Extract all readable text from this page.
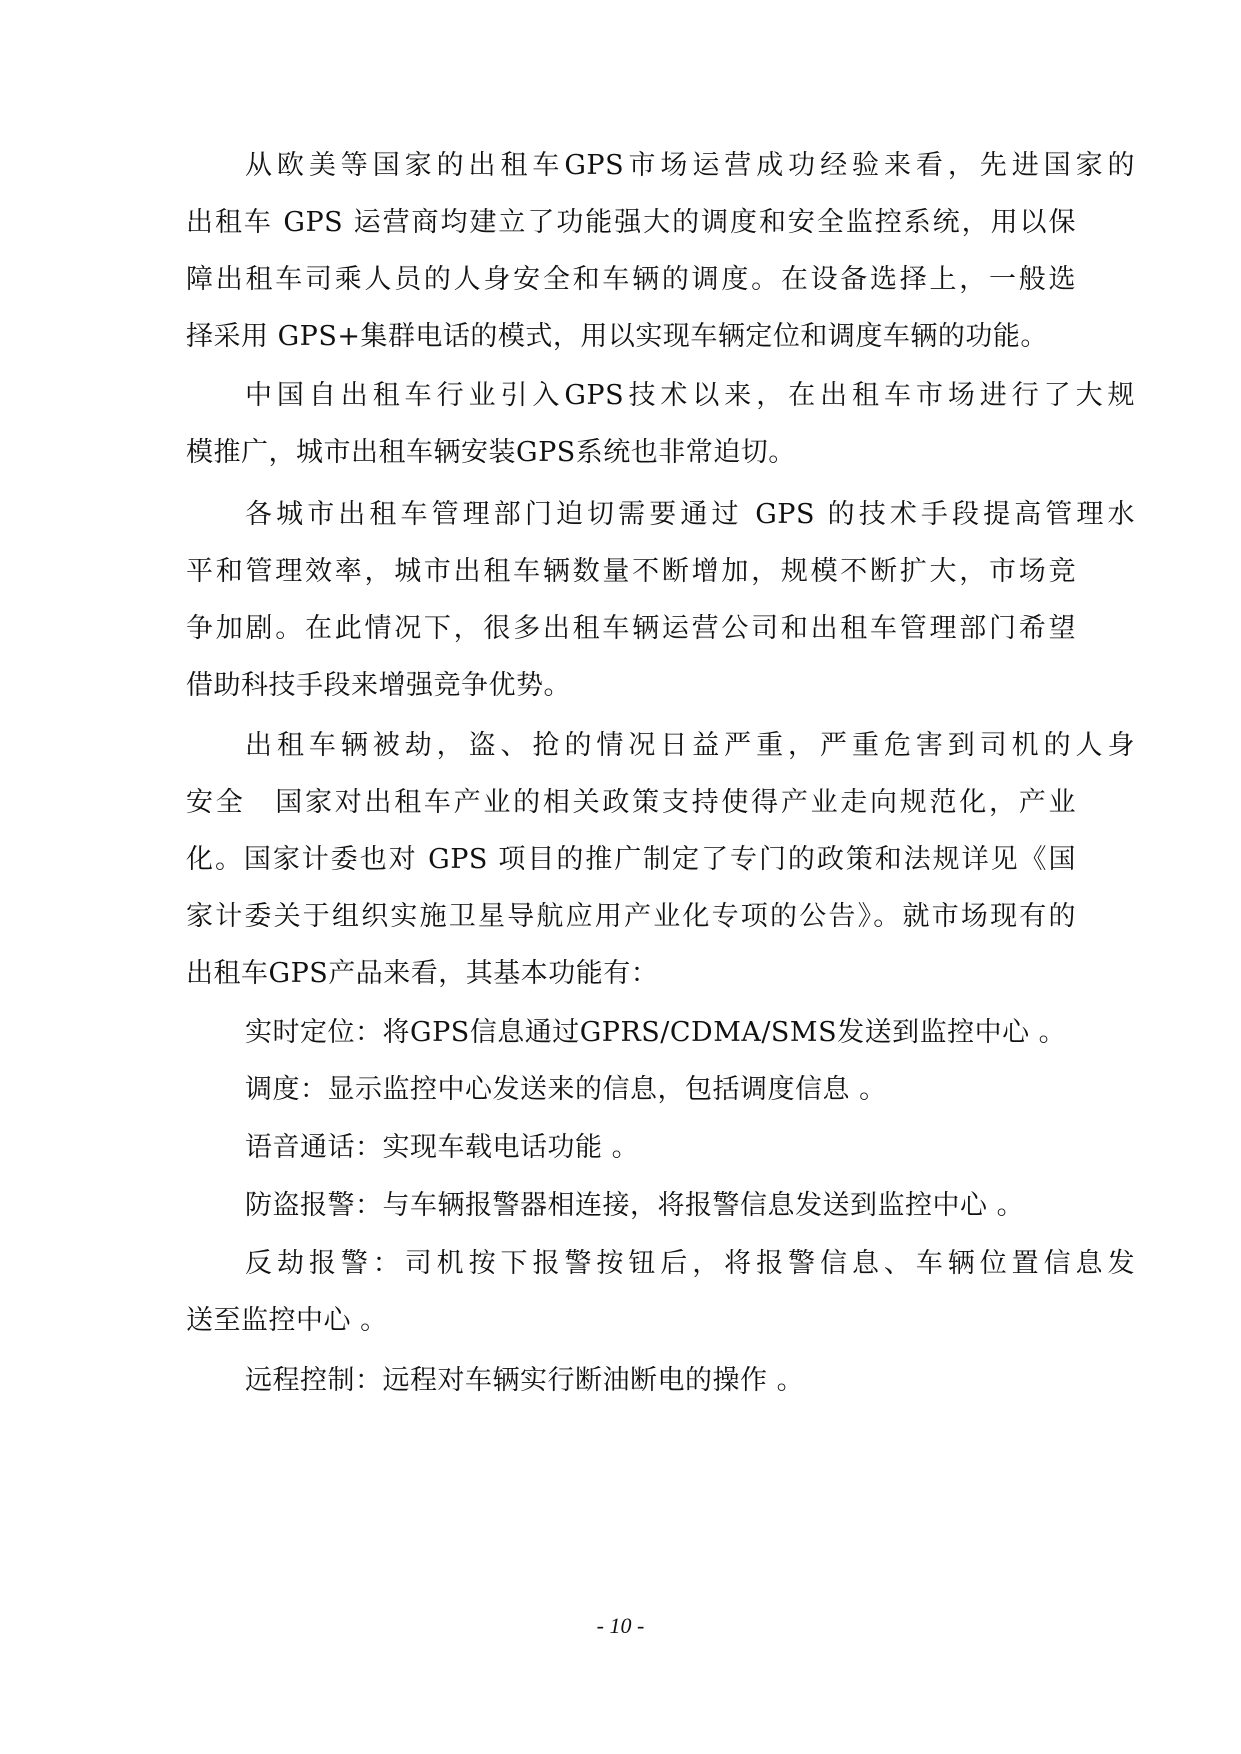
从欧美等国家的出租车GPS市场运营成功经验来看，先进国家的
出租车 GPS 运营商均建立了功能强大的调度和安全监控系统，用以保
障出租车司乘人员的人身安全和车辆的调度。在设备选择上，一般选
择采用 GPS+集群电话的模式，用以实现车辆定位和调度车辆的功能。
中国自出租车行业引入GPS技术以来，在出租车市场进行了大规
模推广，城市出租车辆安装GPS系统也非常迫切。
各城市出租车管理部门迫切需要通过 GPS 的技术手段提高管理水
平和管理效率，城市出租车辆数量不断增加，规模不断扩大，市场竞
争加剧。在此情况下，很多出租车辆运营公司和出租车管理部门希望
借助科技手段来增强竞争优势。
出租车辆被劫，盗、抢的情况日益严重，严重危害到司机的人身
安全　国家对出租车产业的相关政策支持使得产业走向规范化，产业
化。国家计委也对 GPS 项目的推广制定了专门的政策和法规详见《国
家计委关于组织实施卫星导航应用产业化专项的公告》。就市场现有的
出租车GPS产品来看，其基本功能有：
实时定位：将GPS信息通过GPRS/CDMA/SMS发送到监控中心 。
调度：显示监控中心发送来的信息，包括调度信息 。
语音通话：实现车载电话功能 。
防盗报警：与车辆报警器相连接，将报警信息发送到监控中心 。
反劫报警：司机按下报警按钮后，将报警信息、车辆位置信息发
送至监控中心 。
远程控制：远程对车辆实行断油断电的操作 。
- 10 -
